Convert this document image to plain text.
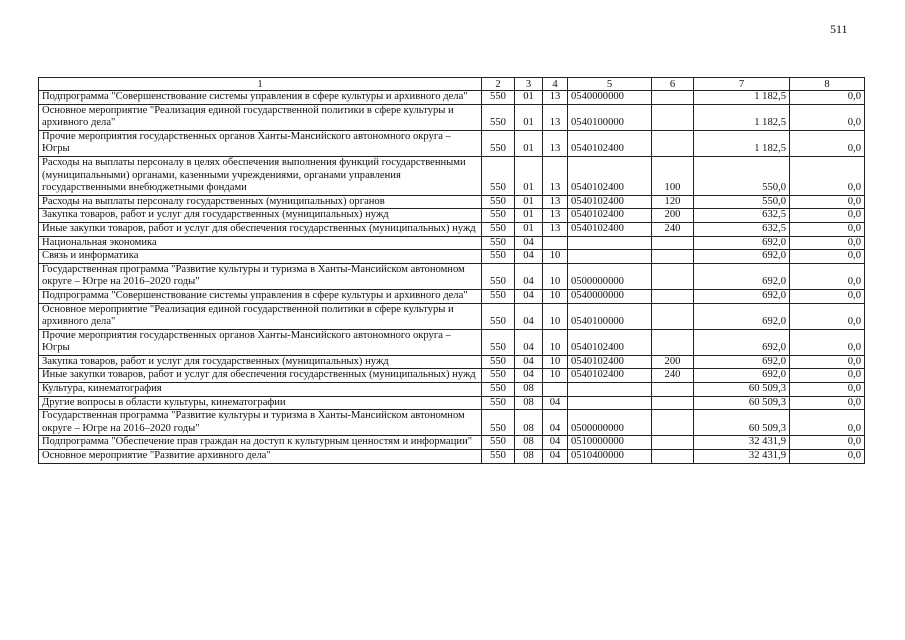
511
1	2	3	4	5	6	7	8
Подпрограмма "Совершенствование системы управления в сфере культуры и архивного дела"	550	01	13	0540000000		1 182,5	0,0
Основное мероприятие "Реализация единой государственной политики в сфере культуры и архивного дела"	550	01	13	0540100000		1 182,5	0,0
Прочие мероприятия государственных органов Ханты-Мансийского автономного округа – Югры	550	01	13	0540102400		1 182,5	0,0
Расходы на выплаты персоналу в целях обеспечения выполнения функций государственными (муниципальными) органами, казенными учреждениями, органами управления государственными внебюджетными фондами	550	01	13	0540102400	100	550,0	0,0
Расходы на выплаты персоналу государственных (муниципальных) органов	550	01	13	0540102400	120	550,0	0,0
Закупка товаров, работ и услуг для государственных (муниципальных) нужд	550	01	13	0540102400	200	632,5	0,0
Иные закупки товаров, работ и услуг для обеспечения государственных (муниципальных) нужд	550	01	13	0540102400	240	632,5	0,0
Национальная экономика	550	04				692,0	0,0
Связь и информатика	550	04	10			692,0	0,0
Государственная программа "Развитие культуры и туризма в Ханты-Мансийском автономном округе – Югре на 2016–2020 годы"	550	04	10	0500000000		692,0	0,0
Подпрограмма "Совершенствование системы управления в сфере культуры и архивного дела"	550	04	10	0540000000		692,0	0,0
Основное мероприятие "Реализация единой государственной политики в сфере культуры и архивного дела"	550	04	10	0540100000		692,0	0,0
Прочие мероприятия государственных органов Ханты-Мансийского автономного округа – Югры	550	04	10	0540102400		692,0	0,0
Закупка товаров, работ и услуг для государственных (муниципальных) нужд	550	04	10	0540102400	200	692,0	0,0
Иные закупки товаров, работ и услуг для обеспечения государственных (муниципальных) нужд	550	04	10	0540102400	240	692,0	0,0
Культура, кинематография	550	08				60 509,3	0,0
Другие вопросы в области культуры, кинематографии	550	08	04			60 509,3	0,0
Государственная программа "Развитие культуры и туризма в Ханты-Мансийском автономном округе – Югре на 2016–2020 годы"	550	08	04	0500000000		60 509,3	0,0
Подпрограмма "Обеспечение прав граждан на доступ к культурным ценностям и информации"	550	08	04	0510000000		32 431,9	0,0
Основное мероприятие "Развитие архивного дела"	550	08	04	0510400000		32 431,9	0,0
